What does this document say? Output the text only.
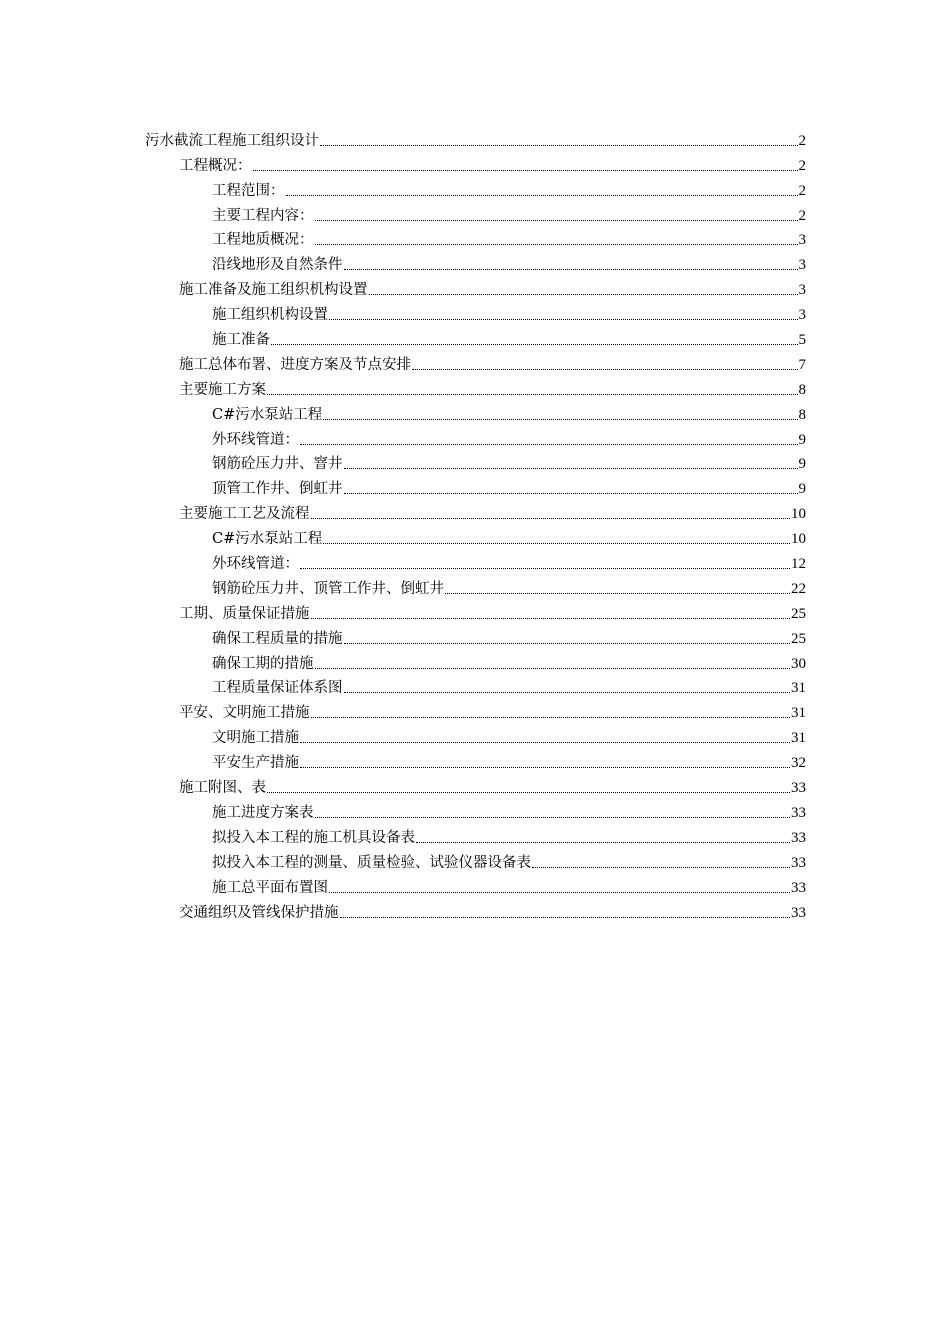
污水截流工程施工组织设计	2
工程概况：	2
工程范围：	2
主要工程内容：	2
工程地质概况：	3
沿线地形及自然条件	3
施工准备及施工组织机构设置	3
施工组织机构设置	3
施工准备	5
施工总体布署、进度方案及节点安排	7
主要施工方案	8
C#污水泵站工程	8
外环线管道：	9
钢筋砼压力井、窨井	9
顶管工作井、倒虹井	9
主要施工工艺及流程	10
C#污水泵站工程	10
外环线管道：	12
钢筋砼压力井、顶管工作井、倒虹井	22
工期、质量保证措施	25
确保工程质量的措施	25
确保工期的措施	30
工程质量保证体系图	31
平安、文明施工措施	31
文明施工措施	31
平安生产措施	32
施工附图、表	33
施工进度方案表	33
拟投入本工程的施工机具设备表	33
拟投入本工程的测量、质量检验、试验仪器设备表	33
施工总平面布置图	33
交通组织及管线保护措施	33
